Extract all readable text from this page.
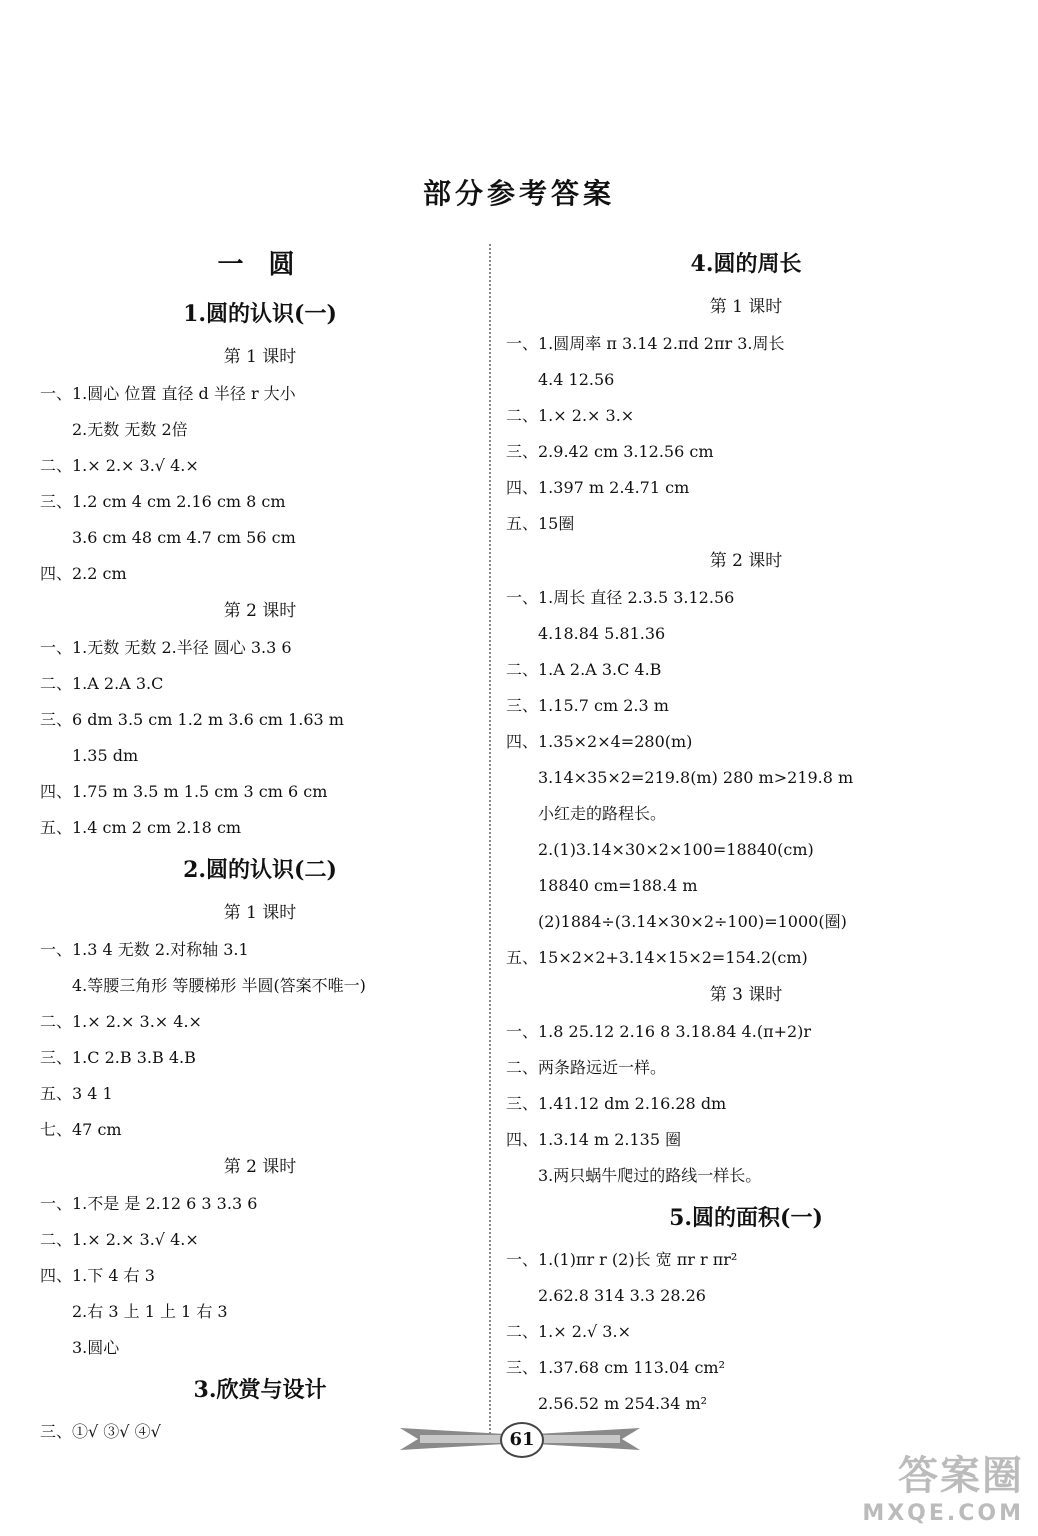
部分参考答案
一 圆
1.圆的认识(一)
第 1 课时
一、1.圆心 位置 直径 d 半径 r 大小
2.无数 无数 2倍
二、1.× 2.× 3.√ 4.×
三、1.2 cm 4 cm 2.16 cm 8 cm
3.6 cm 48 cm 4.7 cm 56 cm
四、2.2 cm
第 2 课时
一、1.无数 无数 2.半径 圆心 3.3 6
二、1.A 2.A 3.C
三、6 dm 3.5 cm 1.2 m 3.6 cm 1.63 m
1.35 dm
四、1.75 m 3.5 m 1.5 cm 3 cm 6 cm
五、1.4 cm 2 cm 2.18 cm
2.圆的认识(二)
第 1 课时
一、1.3 4 无数 2.对称轴 3.1
4.等腰三角形 等腰梯形 半圆(答案不唯一)
二、1.× 2.× 3.× 4.×
三、1.C 2.B 3.B 4.B
五、3 4 1
七、47 cm
第 2 课时
一、1.不是 是 2.12 6 3 3.3 6
二、1.× 2.× 3.√ 4.×
四、1.下 4 右 3
2.右 3 上 1 上 1 右 3
3.圆心
3.欣赏与设计
三、①√ ③√ ④√
4.圆的周长
第 1 课时
一、1.圆周率 π 3.14 2.πd 2πr 3.周长
4.4 12.56
二、1.× 2.× 3.×
三、2.9.42 cm 3.12.56 cm
四、1.397 m 2.4.71 cm
五、15圈
第 2 课时
一、1.周长 直径 2.3.5 3.12.56
4.18.84 5.81.36
二、1.A 2.A 3.C 4.B
三、1.15.7 cm 2.3 m
四、1.35×2×4=280(m)
3.14×35×2=219.8(m) 280 m>219.8 m
小红走的路程长。
2.(1)3.14×30×2×100=18840(cm)
18840 cm=188.4 m
(2)1884÷(3.14×30×2÷100)=1000(圈)
五、15×2×2+3.14×15×2=154.2(cm)
第 3 课时
一、1.8 25.12 2.16 8 3.18.84 4.(π+2)r
二、两条路远近一样。
三、1.41.12 dm 2.16.28 dm
四、1.3.14 m 2.135 圈
3.两只蜗牛爬过的路线一样长。
5.圆的面积(一)
一、1.(1)πr r (2)长 宽 πr r πr²
2.62.8 314 3.3 28.26
二、1.× 2.√ 3.×
三、1.37.68 cm 113.04 cm²
2.56.52 m 254.34 m²
61
答案圈
MXQE.COM
